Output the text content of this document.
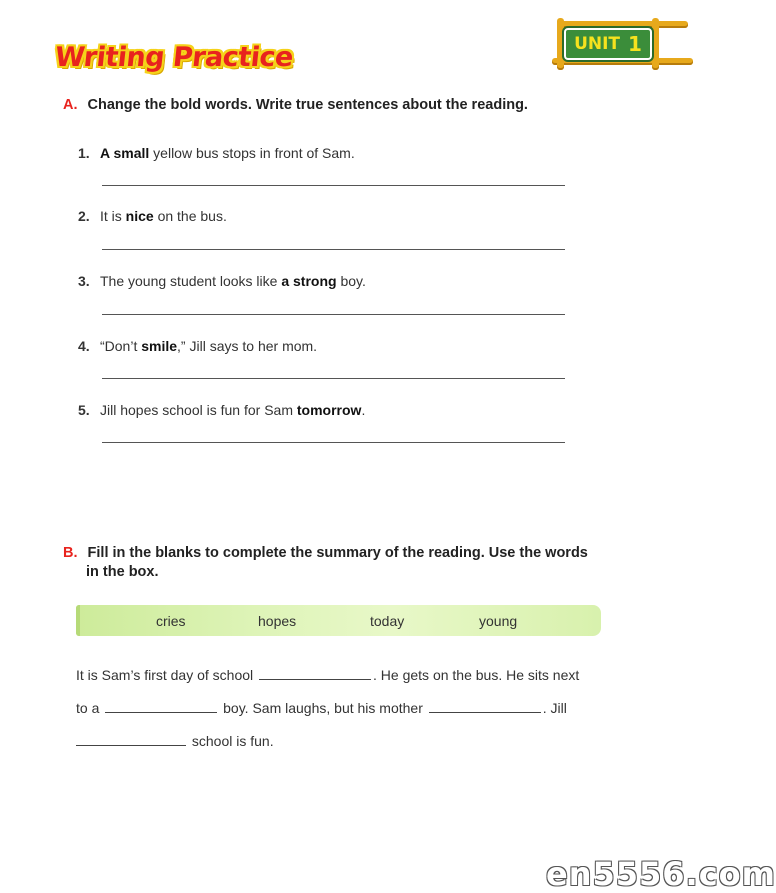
Writing Practice	UNIT 1
A. Change the bold words. Write true sentences about the reading.
1. A small yellow bus stops in front of Sam.
2. It is nice on the bus.
3. The young student looks like a strong boy.
4. “Don’t smile,” Jill says to her mom.
5. Jill hopes school is fun for Sam tomorrow.
B. Fill in the blanks to complete the summary of the reading. Use the words
in the box.
cries	hopes	today	young
It is Sam’s first day of school	. He gets on the bus. He sits next
to a	boy. Sam laughs, but his mother	. Jill
school is fun.
en5556.com
